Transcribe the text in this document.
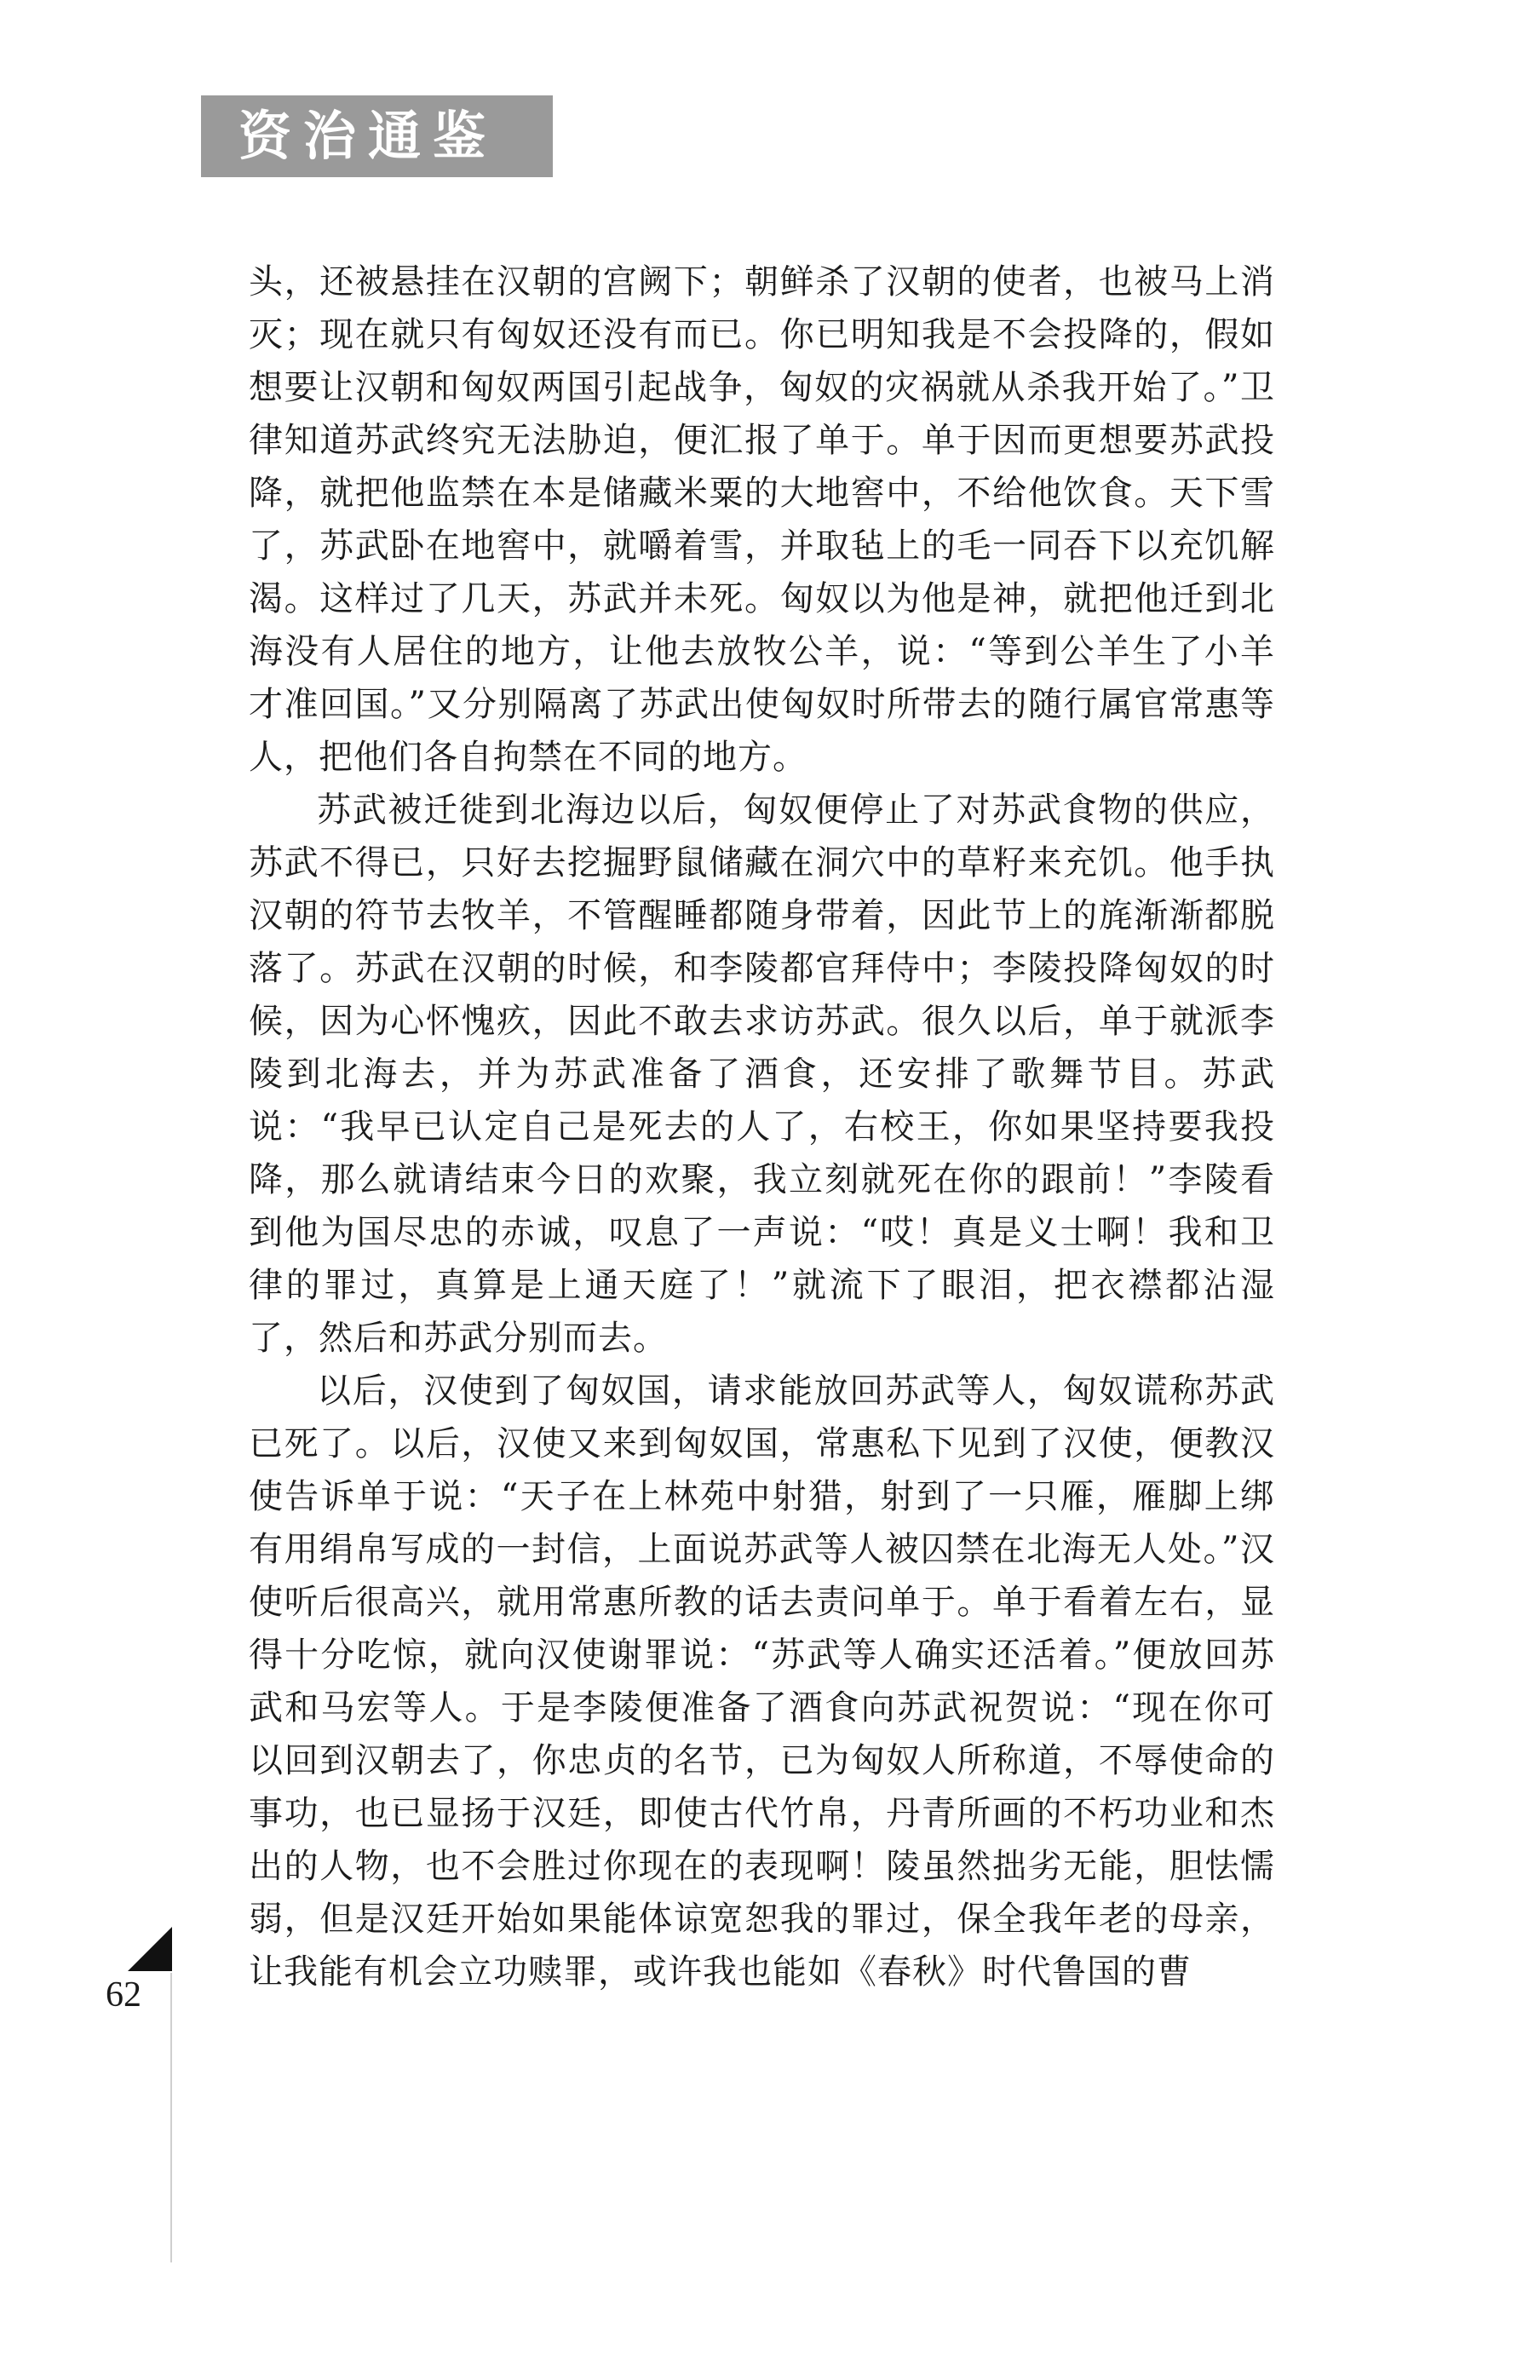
资治通鉴

头，还被悬挂在汉朝的宫阙下；朝鲜杀了汉朝的使者，也被马上消灭；现在就只有匈奴还没有而已。你已明知我是不会投降的，假如想要让汉朝和匈奴两国引起战争，匈奴的灾祸就从杀我开始了。”卫律知道苏武终究无法胁迫，便汇报了单于。单于因而更想要苏武投降，就把他监禁在本是储藏米粟的大地窖中，不给他饮食。天下雪了，苏武卧在地窖中，就嚼着雪，并取毡上的毛一同吞下以充饥解渴。这样过了几天，苏武并未死。匈奴以为他是神，就把他迁到北海没有人居住的地方，让他去放牧公羊，说：“等到公羊生了小羊才准回国。”又分别隔离了苏武出使匈奴时所带去的随行属官常惠等人，把他们各自拘禁在不同的地方。

苏武被迁徙到北海边以后，匈奴便停止了对苏武食物的供应，苏武不得已，只好去挖掘野鼠储藏在洞穴中的草籽来充饥。他手执汉朝的符节去牧羊，不管醒睡都随身带着，因此节上的旄渐渐都脱落了。苏武在汉朝的时候，和李陵都官拜侍中；李陵投降匈奴的时候，因为心怀愧疚，因此不敢去求访苏武。很久以后，单于就派李陵到北海去，并为苏武准备了酒食，还安排了歌舞节目。苏武说：“我早已认定自己是死去的人了，右校王，你如果坚持要我投降，那么就请结束今日的欢聚，我立刻就死在你的跟前！”李陵看到他为国尽忠的赤诚，叹息了一声说：“哎！真是义士啊！我和卫律的罪过，真算是上通天庭了！”就流下了眼泪，把衣襟都沾湿了，然后和苏武分别而去。

以后，汉使到了匈奴国，请求能放回苏武等人，匈奴谎称苏武已死了。以后，汉使又来到匈奴国，常惠私下见到了汉使，便教汉使告诉单于说：“天子在上林苑中射猎，射到了一只雁，雁脚上绑有用绢帛写成的一封信，上面说苏武等人被囚禁在北海无人处。”汉使听后很高兴，就用常惠所教的话去责问单于。单于看着左右，显得十分吃惊，就向汉使谢罪说：“苏武等人确实还活着。”便放回苏武和马宏等人。于是李陵便准备了酒食向苏武祝贺说：“现在你可以回到汉朝去了，你忠贞的名节，已为匈奴人所称道，不辱使命的事功，也已显扬于汉廷，即使古代竹帛，丹青所画的不朽功业和杰出的人物，也不会胜过你现在的表现啊！陵虽然拙劣无能，胆怯懦弱，但是汉廷开始如果能体谅宽恕我的罪过，保全我年老的母亲，让我能有机会立功赎罪，或许我也能如《春秋》时代鲁国的曹

62
